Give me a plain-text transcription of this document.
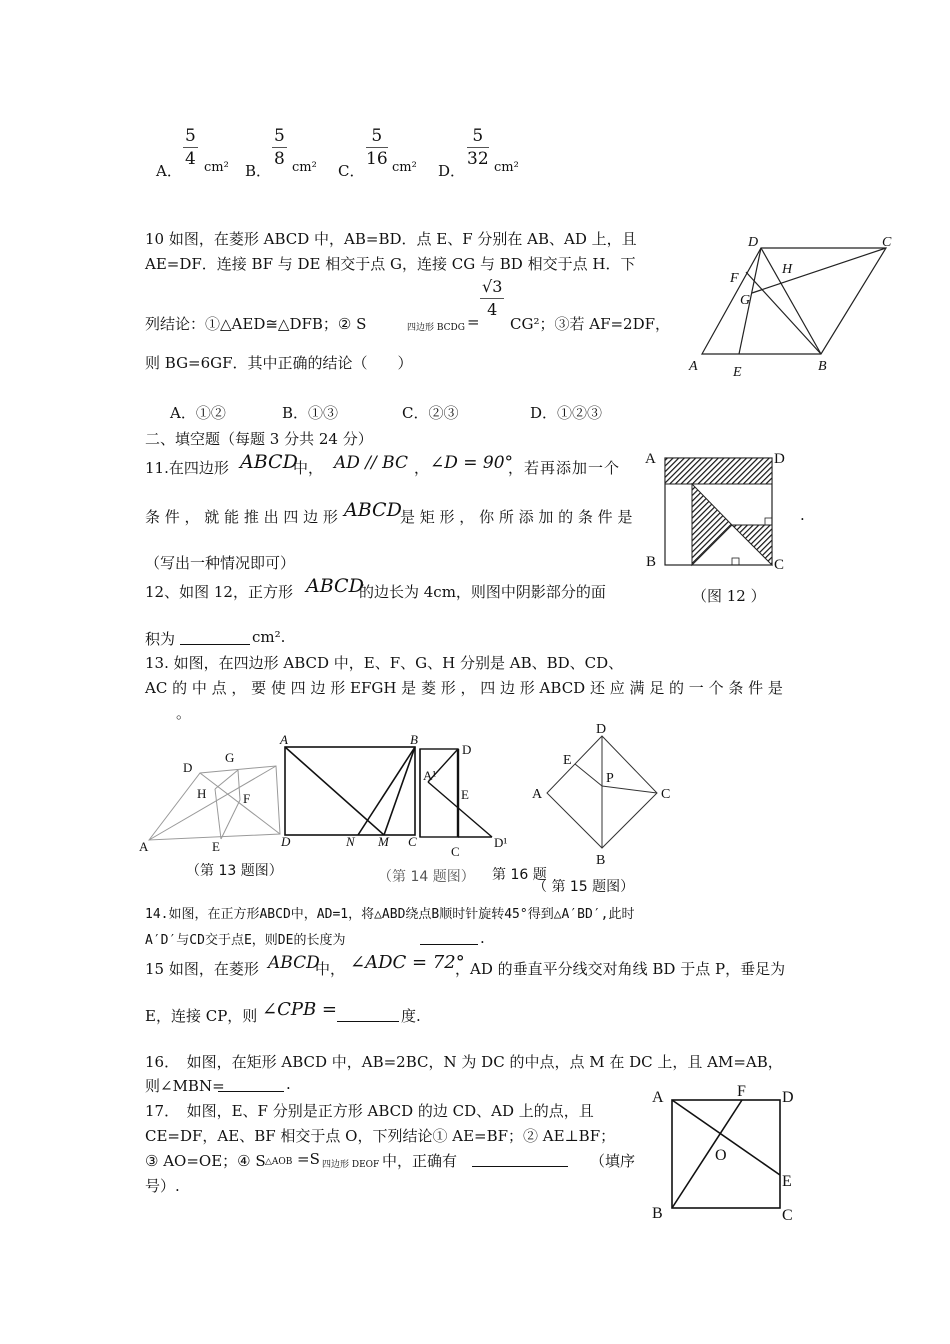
A．
$\frac{5}{4} cm^2$ B．
$\frac{5}{8} cm^2$ C．
$\frac{5}{16} cm^2$ D．
$\frac{5}{32} cm^2$
10 如图，在菱形 ABCD 中，AB=BD．点 E、F 分别在 AB、AD 上，且
AE=DF．连接 BF 与 DE 相交于点 G，连接 CG 与 BD 相交于点 H．下
列结论：①△AED≅△DFB；② S	四边形 BCDG =
$\frac{√3}{4}$
CG²；③若 AF=2DF，
则 BG=6GF．其中正确的结论（　　）
A．①②	B．①③	C．②③	D．①②③
D	C
F
H
G
A	E	B
二、填空题（每题 3 分共 24 分）
11.在四边形 ABCD
中， AD // BC ， ∠D = 90°
，若再添加一个
条 件 ， 就 能 推 出 四 边 形 ABCD
是 矩 形 ， 你 所 添 加 的 条 件 是	.
（写出一种情况即可）
A	D
B	C
12、如图 12，正方形 ABCD
的边长为 4cm，则图中阴影部分的面	（图 12 ）
积为	cm².
13. 如图，在四边形 ABCD 中，E、F、G、H 分别是 AB、BD、CD、
AC 的 中 点 ， 要 使 四 边 形 EFGH 是 菱 形 ， 四 边 形 ABCD 还 应 满 足 的 一 个 条 件 是
。
A
D
G
H	F
E
（第 13 题图）
A	B
D	N M C
（第 14 题图） 第 16 题
D
A¹
E
C
D¹
D
E
P
A	C
B
（ 第 15 题图）
14.如图，在正方形ABCD中，AD=1，将△ABD绕点B顺时针旋转45°得到△A′BD′,此时
A′D′与CD交于点E，则DE的长度为	.
15 如图，在菱形 ABCD
中， ∠ADC = 72°
，AD 的垂直平分线交对角线 BD 于点 P，垂足为
E，连接 CP，则 ∠CPB =	度.
16．　如图，在矩形 ABCD 中，AB=2BC，N 为 DC 的中点，点 M 在 DC 上，且 AM=AB，
则∠MBN=	.
17．　如图，E、F 分别是正方形 ABCD 的边 CD、AD 上的点，且
CE=DF，AE、BF 相交于点 O，下列结论① AE=BF；② AE⊥BF；
③ AO=OE；④ S △AOB =S 四边形 DEOF 中，正确有	（填序
号）.
A	F D
O
E
B	C
